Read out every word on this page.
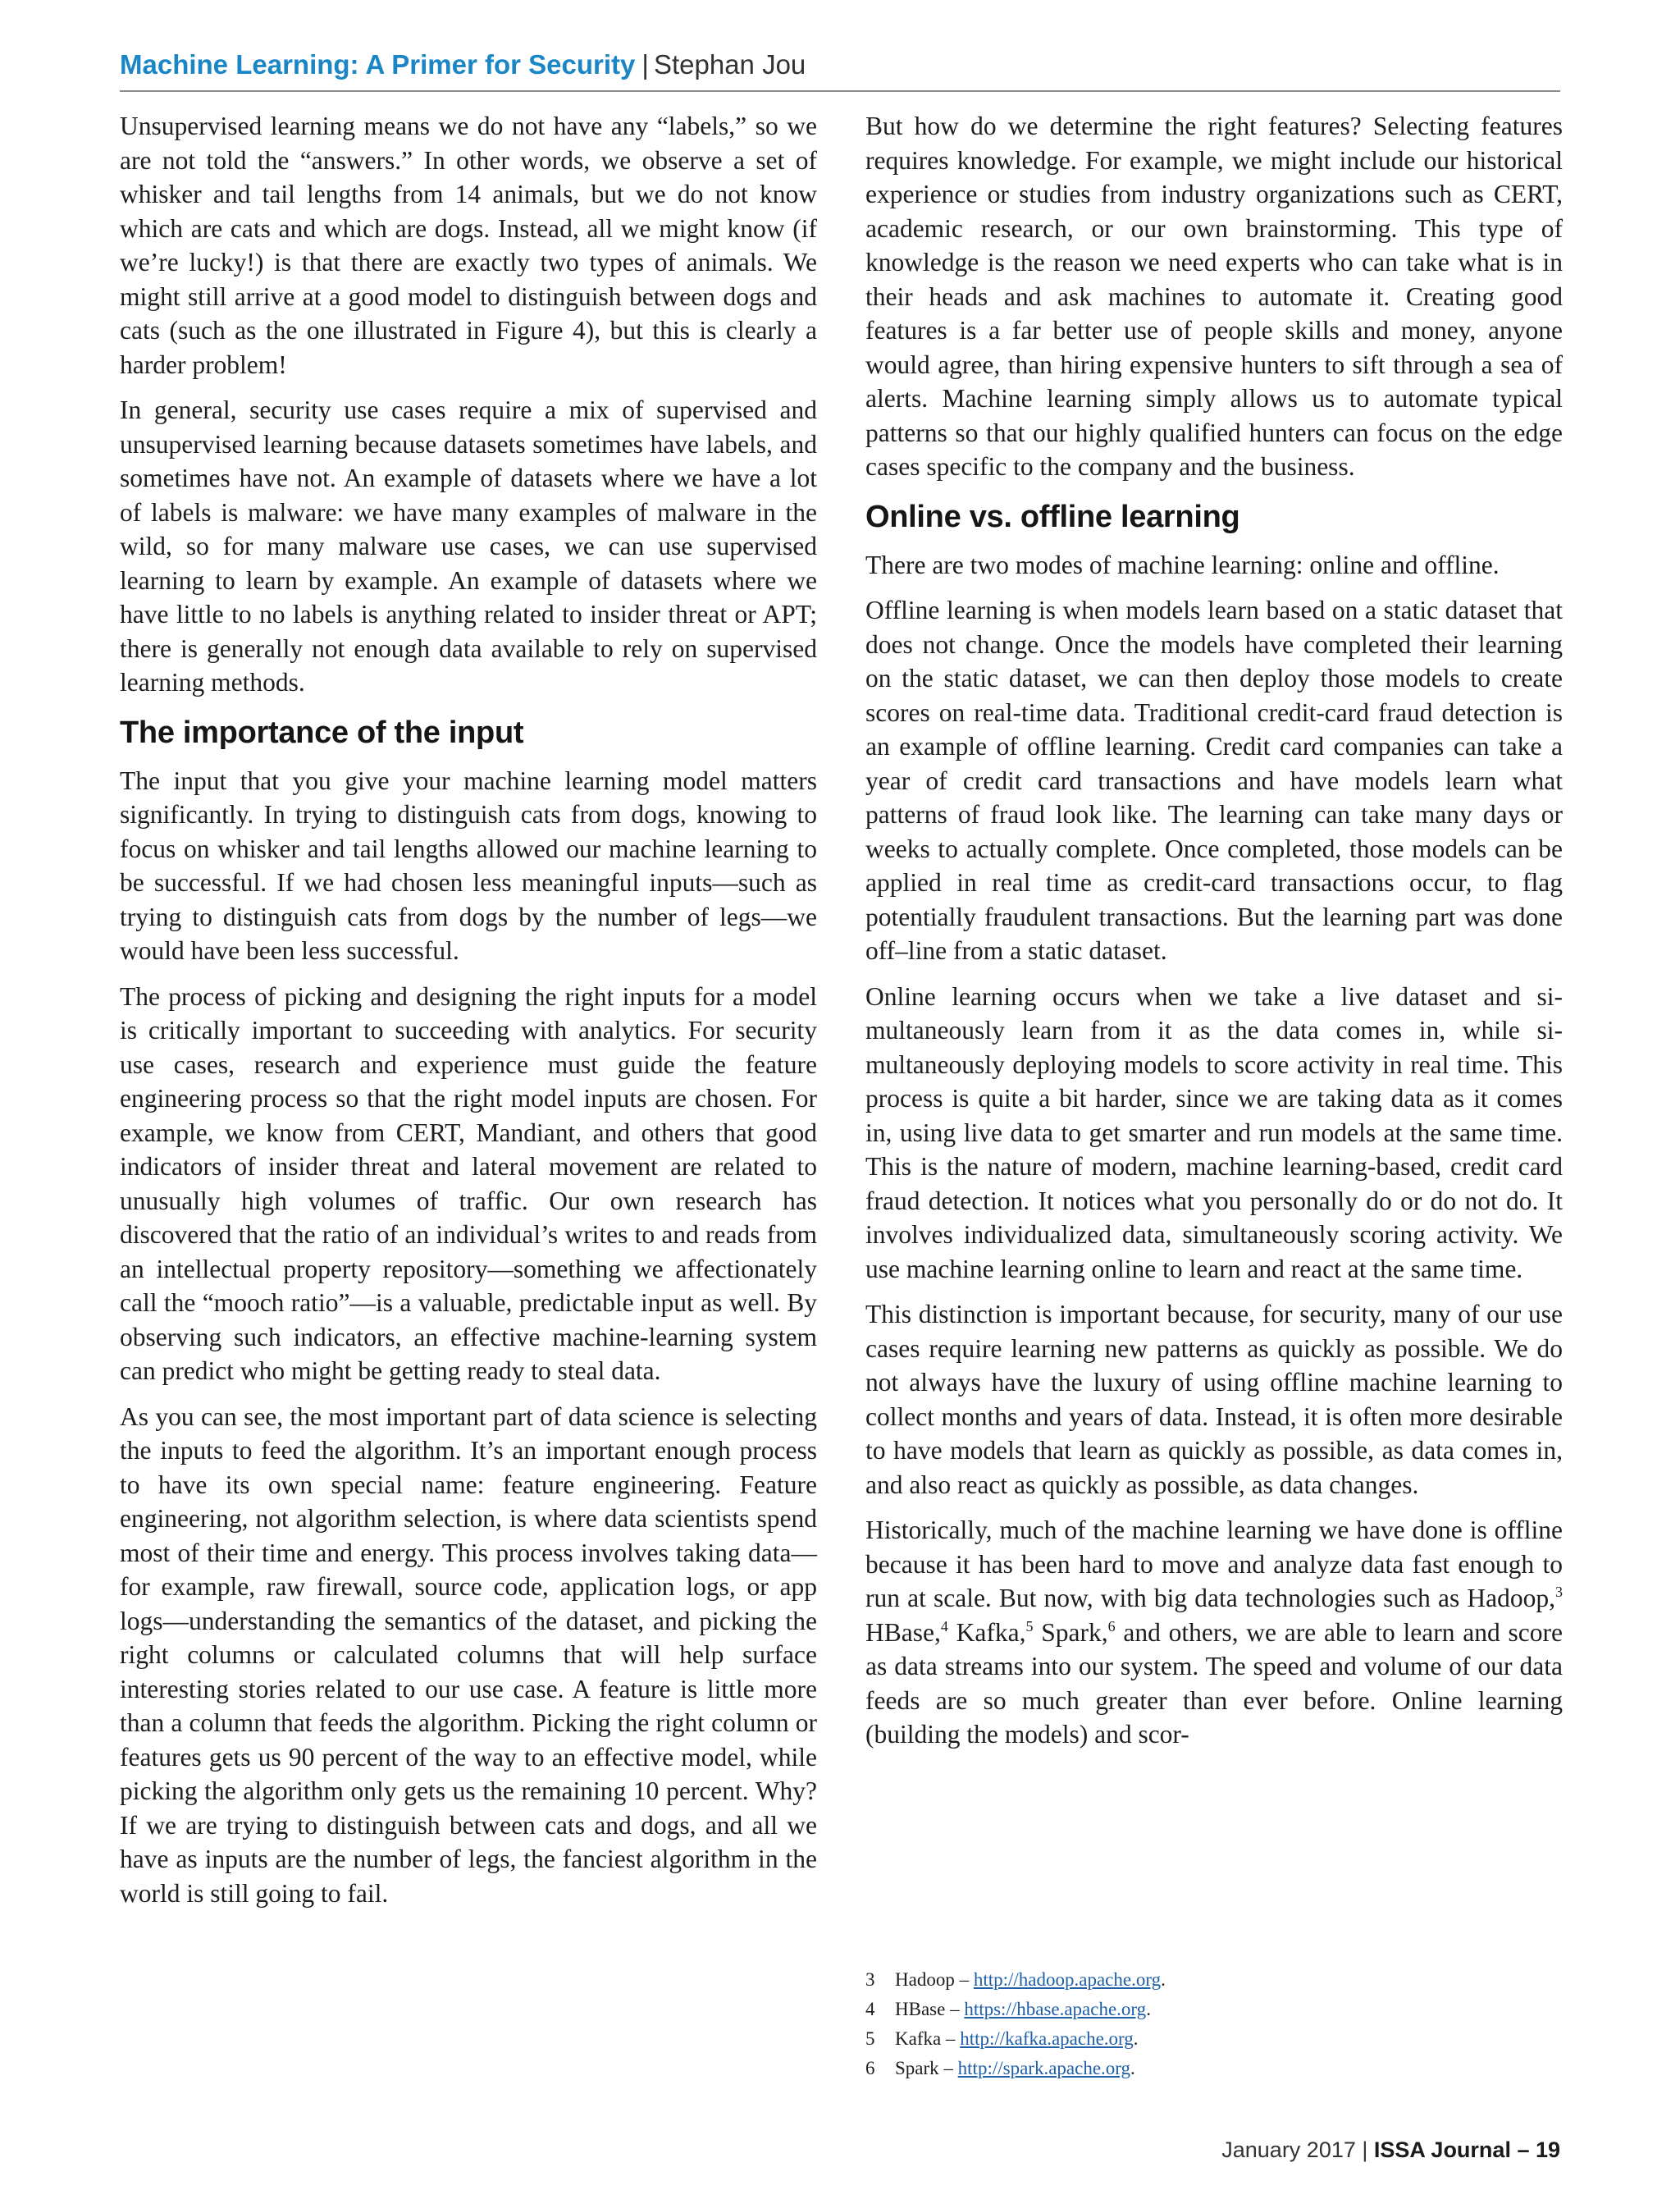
Machine Learning: A Primer for Security | Stephan Jou

Unsupervised learning means we do not have any “labels,” so we are not told the “answers.” In other words, we observe a set of whisker and tail lengths from 14 animals, but we do not know which are cats and which are dogs. Instead, all we might know (if we’re lucky!) is that there are exactly two types of animals. We might still arrive at a good model to distinguish between dogs and cats (such as the one illustrated in Figure 4), but this is clearly a harder problem!

In general, security use cases require a mix of supervised and unsupervised learning because datasets sometimes have labels, and sometimes have not. An example of datasets where we have a lot of labels is malware: we have many examples of malware in the wild, so for many malware use cases, we can use supervised learning to learn by example. An example of datasets where we have little to no labels is anything related to insider threat or APT; there is generally not enough data available to rely on supervised learning methods.

The importance of the input

The input that you give your machine learning model matters significantly. In trying to distinguish cats from dogs, knowing to focus on whisker and tail lengths allowed our machine learning to be successful. If we had chosen less meaningful inputs—such as trying to distinguish cats from dogs by the number of legs—we would have been less successful.

The process of picking and designing the right inputs for a model is critically important to succeeding with analytics. For security use cases, research and experience must guide the feature engineering process so that the right model inputs are chosen. For example, we know from CERT, Mandiant, and others that good indicators of insider threat and lateral movement are related to unusually high volumes of traffic. Our own research has discovered that the ratio of an individual’s writes to and reads from an intellectual property repository—something we affectionately call the “mooch ratio”—is a valuable, predictable input as well. By observing such indicators, an effective machine-learning system can predict who might be getting ready to steal data.

As you can see, the most important part of data science is selecting the inputs to feed the algorithm. It’s an important enough process to have its own special name: feature engineering. Feature engineering, not algorithm selection, is where data scientists spend most of their time and energy. This process involves taking data—for example, raw firewall, source code, application logs, or app logs—understanding the semantics of the dataset, and picking the right columns or calculated columns that will help surface interesting stories related to our use case. A feature is little more than a column that feeds the algorithm. Picking the right column or features gets us 90 percent of the way to an effective model, while picking the algorithm only gets us the remaining 10 percent. Why? If we are trying to distinguish between cats and dogs, and all we have as inputs are the number of legs, the fanciest algorithm in the world is still going to fail.

But how do we determine the right features? Selecting features requires knowledge. For example, we might include our historical experience or studies from industry organizations such as CERT, academic research, or our own brainstorming. This type of knowledge is the reason we need experts who can take what is in their heads and ask machines to automate it. Creating good features is a far better use of people skills and money, anyone would agree, than hiring expensive hunters to sift through a sea of alerts. Machine learning simply allows us to automate typical patterns so that our highly qualified hunters can focus on the edge cases specific to the company and the business.

Online vs. offline learning

There are two modes of machine learning: online and offline.

Offline learning is when models learn based on a static dataset that does not change. Once the models have completed their learning on the static dataset, we can then deploy those models to create scores on real-time data. Traditional credit-card fraud detection is an example of offline learning. Credit card companies can take a year of credit card transactions and have models learn what patterns of fraud look like. The learning can take many days or weeks to actually complete. Once completed, those models can be applied in real time as credit-card transactions occur, to flag potentially fraudulent transactions. But the learning part was done off–line from a static dataset.

Online learning occurs when we take a live dataset and simultaneously learn from it as the data comes in, while simultaneously deploying models to score activity in real time. This process is quite a bit harder, since we are taking data as it comes in, using live data to get smarter and run models at the same time. This is the nature of modern, machine learning-based, credit card fraud detection. It notices what you personally do or do not do. It involves individualized data, simultaneously scoring activity. We use machine learning online to learn and react at the same time.

This distinction is important because, for security, many of our use cases require learning new patterns as quickly as possible. We do not always have the luxury of using offline machine learning to collect months and years of data. Instead, it is often more desirable to have models that learn as quickly as possible, as data comes in, and also react as quickly as possible, as data changes.

Historically, much of the machine learning we have done is offline because it has been hard to move and analyze data fast enough to run at scale. But now, with big data technologies such as Hadoop,$^3$ HBase,$^4$ Kafka,$^5$ Spark,$^6$ and others, we are able to learn and score as data streams into our system. The speed and volume of our data feeds are so much greater than ever before. Online learning (building the models) and scor-

3 Hadoop – http://hadoop.apache.org.
4 HBase – https://hbase.apache.org.
5 Kafka – http://kafka.apache.org.
6 Spark – http://spark.apache.org.
January 2017 | ISSA Journal – 19
